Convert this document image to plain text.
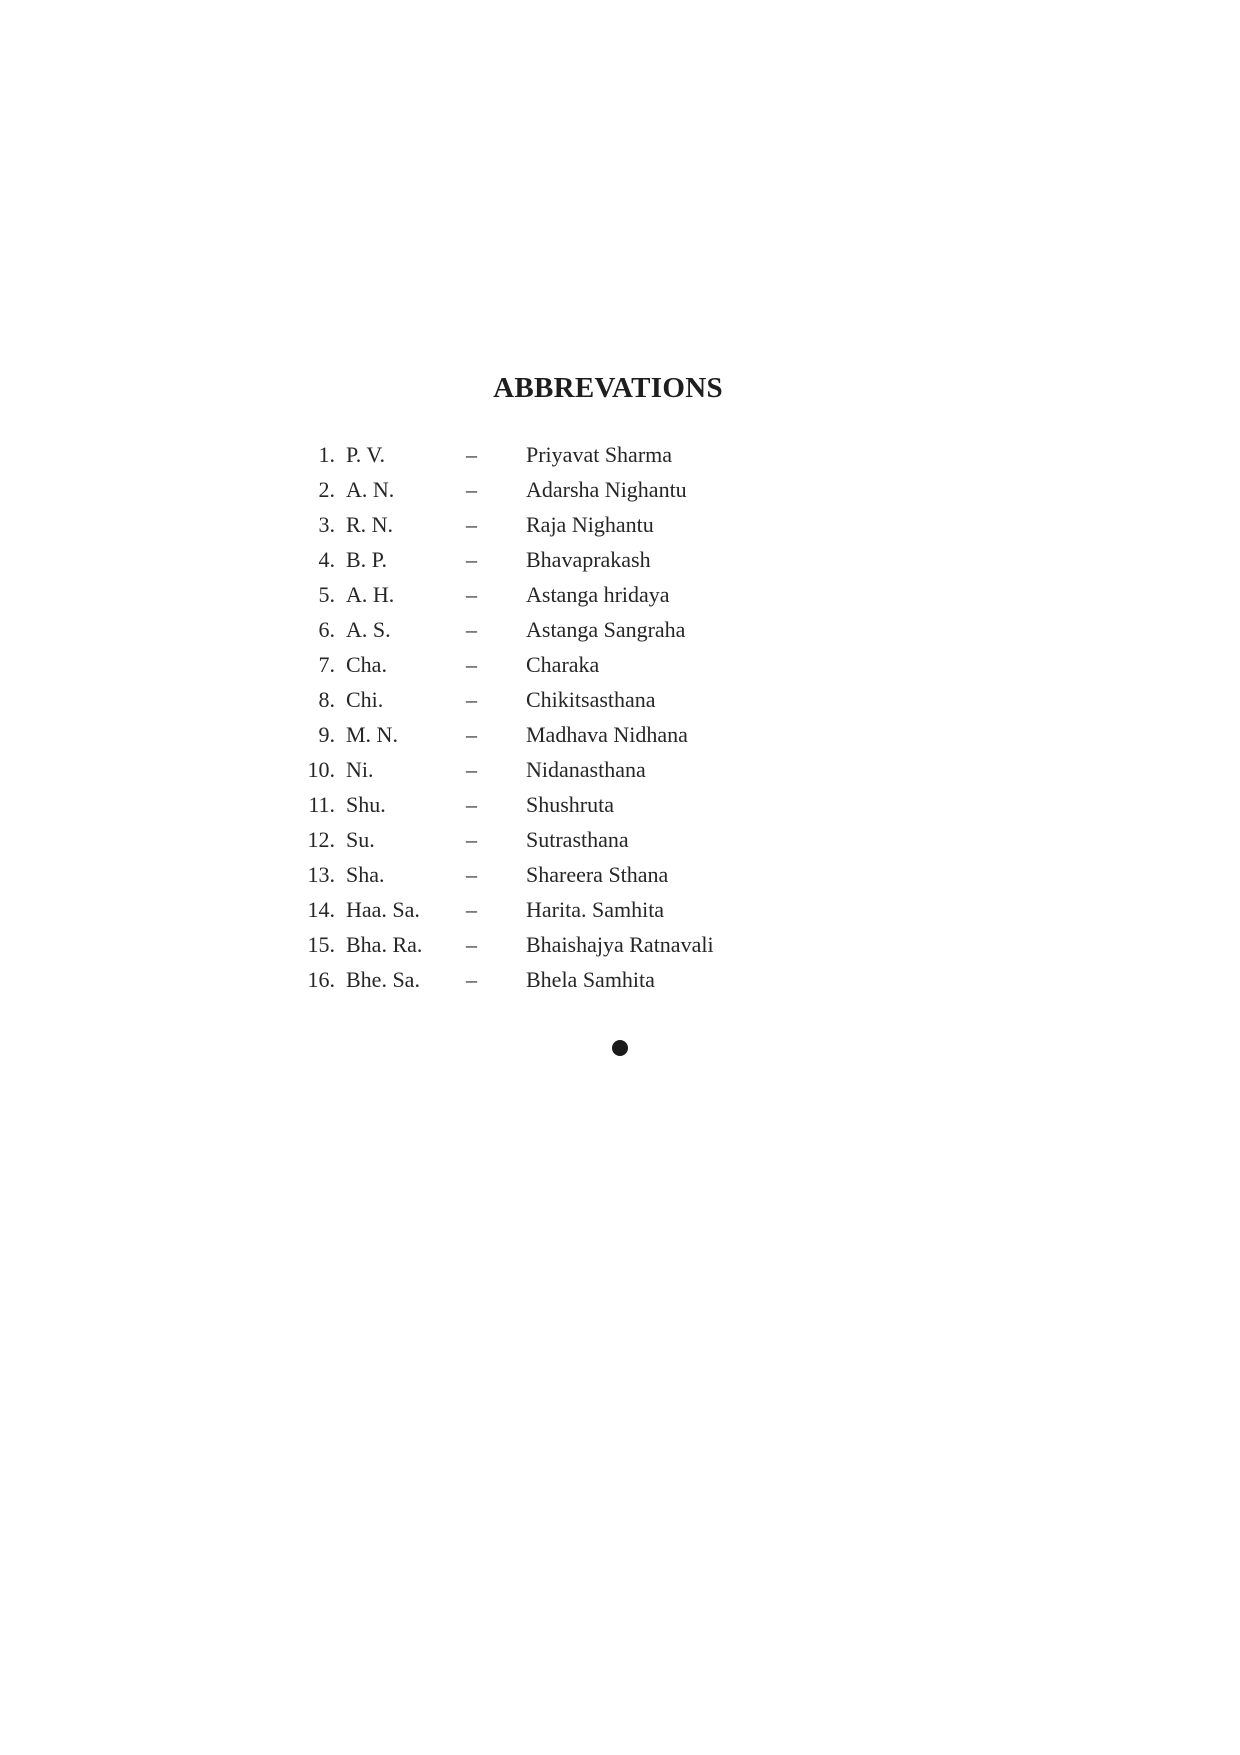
ABBREVATIONS
1. P. V.	– Priyavat Sharma
2. A. N.	– Adarsha Nighantu
3. R. N.	– Raja Nighantu
4. B. P.	– Bhavaprakash
5. A. H.	– Astanga hridaya
6. A. S.	– Astanga Sangraha
7. Cha.	– Charaka
8. Chi.	– Chikitsasthana
9. M. N.	– Madhava Nidhana
10. Ni.	– Nidanasthana
11. Shu.	– Shushruta
12. Su.	– Sutrasthana
13. Sha.	– Shareera Sthana
14. Haa. Sa. – Harita. Samhita
15. Bha. Ra. – Bhaishajya Ratnavali
16. Bhe. Sa. – Bhela Samhita
